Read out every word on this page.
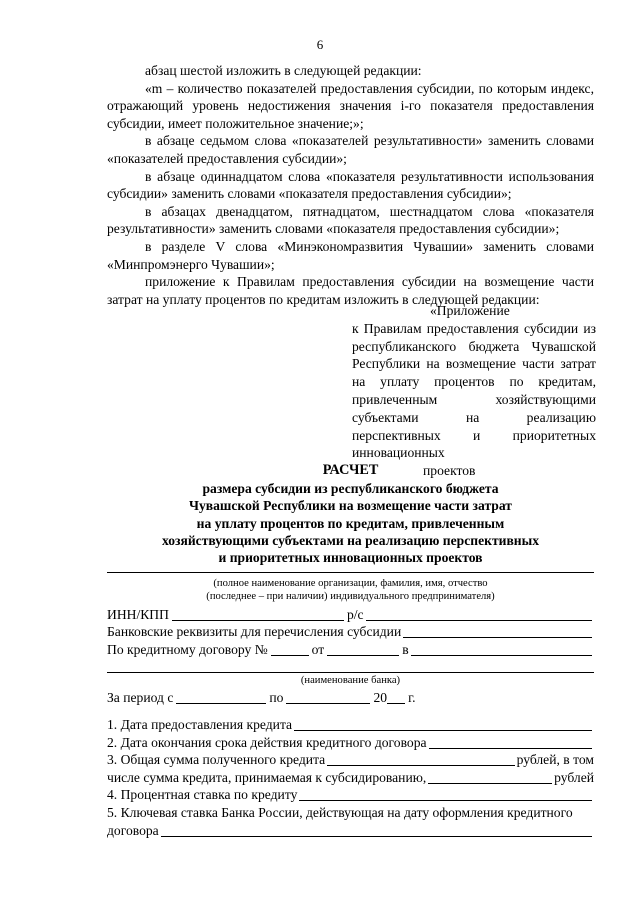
6

абзац шестой изложить в следующей редакции:

«m – количество показателей предоставления субсидии, по которым индекс, отражающий уровень недостижения значения i-го показателя предоставления субсидии, имеет положительное значение;»;

в абзаце седьмом слова «показателей результативности» заменить словами «показателей предоставления субсидии»;

в абзаце одиннадцатом слова «показателя результативности использования субсидии» заменить словами «показателя предоставления субсидии»;

в абзацах двенадцатом, пятнадцатом, шестнадцатом слова «показателя результативности» заменить словами «показателя предоставления субсидии»;

в разделе V слова «Минэкономразвития Чувашии» заменить словами «Минпромэнерго Чувашии»;

приложение к Правилам предоставления субсидии на возмещение части затрат на уплату процентов по кредитам изложить в следующей редакции:

«Приложение
к Правилам предоставления субсидии из республиканского бюджета Чувашской Республики на возмещение части затрат на уплату процентов по кредитам, привлеченным хозяйствующими субъектами на реализацию перспективных и приоритетных инновационных
проектов
РАСЧЕТ
размера субсидии из республиканского бюджета
Чувашской Республики на возмещение части затрат
на уплату процентов по кредитам, привлеченным
хозяйствующими субъектами на реализацию перспективных
и приоритетных инновационных проектов
(полное наименование организации, фамилия, имя, отчество
(последнее – при наличии) индивидуального предпринимателя)
ИНН/КПП	р/с
Банковские реквизиты для перечисления субсидии
По кредитному договору №	от	в
(наименование банка)
За период с	по	20 г.
1. Дата предоставления кредита
2. Дата окончания срока действия кредитного договора
3. Общая сумма полученного кредита	рублей, в том
числе сумма кредита, принимаемая к субсидированию,	рублей
4. Процентная ставка по кредиту
5. Ключевая ставка Банка России, действующая на дату оформления кредитного
договора
